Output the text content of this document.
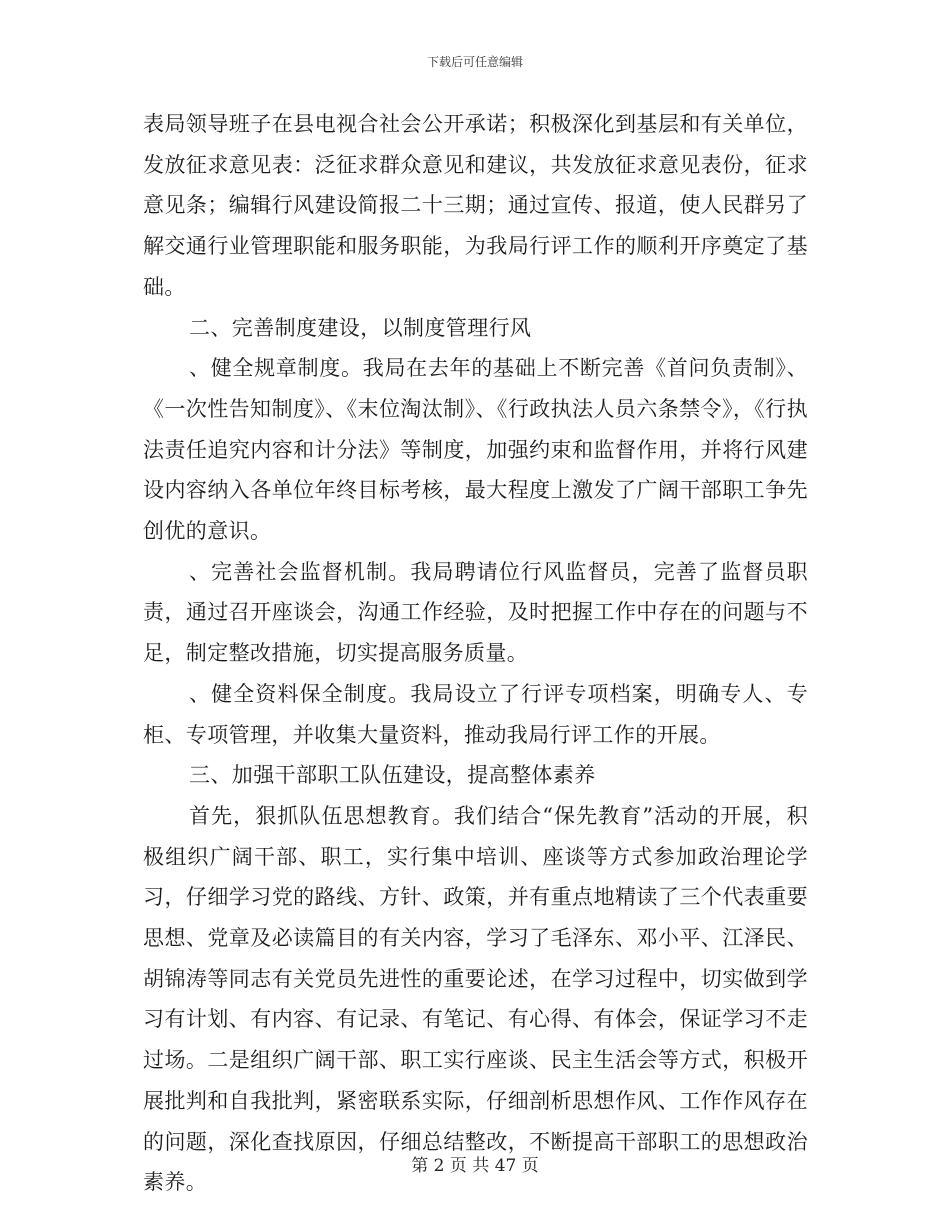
下载后可任意编辑

表局领导班子在县电视合社会公开承诺；积极深化到基层和有关单位，发放征求意见表：泛征求群众意见和建议，共发放征求意见表份，征求意见条；编辑行风建设简报二十三期；通过宣传、报道，使人民群另了解交通行业管理职能和服务职能，为我局行评工作的顺利开序奠定了基础。

二、完善制度建设，以制度管理行风

、健全规章制度。我局在去年的基础上不断完善《首问负责制》、《一次性告知制度》、《末位淘汰制》、《行政执法人员六条禁令》，《行执法责任追究内容和计分法》等制度，加强约束和监督作用，并将行风建设内容纳入各单位年终目标考核，最大程度上激发了广阔干部职工争先创优的意识。

、完善社会监督机制。我局聘请位行风监督员，完善了监督员职责，通过召开座谈会，沟通工作经验，及时把握工作中存在的问题与不足，制定整改措施，切实提高服务质量。

、健全资料保全制度。我局设立了行评专项档案，明确专人、专柜、专项管理，并收集大量资料，推动我局行评工作的开展。

三、加强干部职工队伍建设，提高整体素养

首先，狠抓队伍思想教育。我们结合“保先教育”活动的开展，积极组织广阔干部、职工，实行集中培训、座谈等方式参加政治理论学习，仔细学习党的路线、方针、政策，并有重点地精读了三个代表重要思想、党章及必读篇目的有关内容，学习了毛泽东、邓小平、江泽民、胡锦涛等同志有关党员先进性的重要论述，在学习过程中，切实做到学习有计划、有内容、有记录、有笔记、有心得、有体会，保证学习不走过场。二是组织广阔干部、职工实行座谈、民主生活会等方式，积极开展批判和自我批判，紧密联系实际，仔细剖析思想作风、工作作风存在的问题，深化查找原因，仔细总结整改，不断提高干部职工的思想政治素养。

第 2 页 共 47 页
